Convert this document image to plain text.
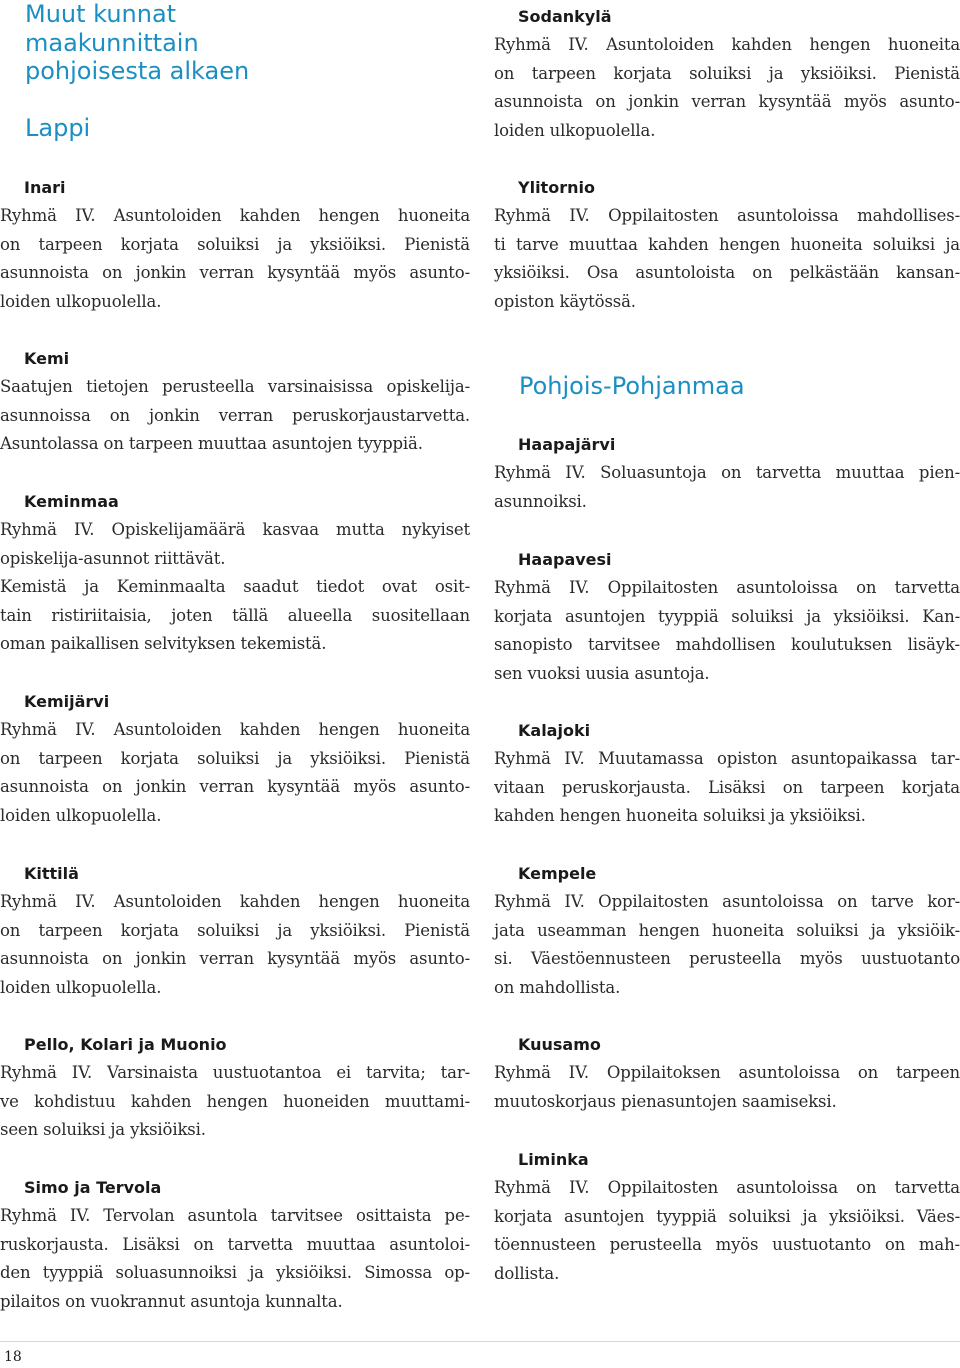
Muut kunnat
maakunnittain
pohjoisesta alkaen
Lappi
Inari

Ryhmä IV. Asuntoloiden kahden hengen huoneita
on tarpeen korjata soluiksi ja yksiöiksi. Pienistä
asunnoista on jonkin verran kysyntää myös asunto-
loiden ulkopuolella.

Kemi

Saatujen tietojen perusteella varsinaisissa opiskelija-
asunnoissa on jonkin verran peruskorjaustarvetta.
Asuntolassa on tarpeen muuttaa asuntojen tyyppiä.

Keminmaa

Ryhmä IV. Opiskelijamäärä kasvaa mutta nykyiset
opiskelija-asunnot riittävät.
Kemistä ja Keminmaalta saadut tiedot ovat osit-
tain ristiriitaisia, joten tällä alueella suositellaan
oman paikallisen selvityksen tekemistä.

Kemijärvi

Ryhmä IV. Asuntoloiden kahden hengen huoneita
on tarpeen korjata soluiksi ja yksiöiksi. Pienistä
asunnoista on jonkin verran kysyntää myös asunto-
loiden ulkopuolella.

Kittilä

Ryhmä IV. Asuntoloiden kahden hengen huoneita
on tarpeen korjata soluiksi ja yksiöiksi. Pienistä
asunnoista on jonkin verran kysyntää myös asunto-
loiden ulkopuolella.

Pello, Kolari ja Muonio

Ryhmä IV. Varsinaista uustuotantoa ei tarvita; tar-
ve kohdistuu kahden hengen huoneiden muuttami-
seen soluiksi ja yksiöiksi.

Simo ja Tervola

Ryhmä IV. Tervolan asuntola tarvitsee osittaista pe-
ruskorjausta. Lisäksi on tarvetta muuttaa asuntoloi-
den tyyppiä soluasunnoiksi ja yksiöiksi. Simossa op-
pilaitos on vuokrannut asuntoja kunnalta.

Sodankylä

Ryhmä IV. Asuntoloiden kahden hengen huoneita
on tarpeen korjata soluiksi ja yksiöiksi. Pienistä
asunnoista on jonkin verran kysyntää myös asunto-
loiden ulkopuolella.

Ylitornio

Ryhmä IV. Oppilaitosten asuntoloissa mahdollises-
ti tarve muuttaa kahden hengen huoneita soluiksi ja
yksiöiksi. Osa asuntoloista on pelkästään kansan-
opiston käytössä.

Pohjois-Pohjanmaa
Haapajärvi

Ryhmä IV. Soluasuntoja on tarvetta muuttaa pien-
asunnoiksi.

Haapavesi

Ryhmä IV. Oppilaitosten asuntoloissa on tarvetta
korjata asuntojen tyyppiä soluiksi ja yksiöiksi. Kan-
sanopisto tarvitsee mahdollisen koulutuksen lisäyk-
sen vuoksi uusia asuntoja.

Kalajoki

Ryhmä IV. Muutamassa opiston asuntopaikassa tar-
vitaan peruskorjausta. Lisäksi on tarpeen korjata
kahden hengen huoneita soluiksi ja yksiöiksi.

Kempele

Ryhmä IV. Oppilaitosten asuntoloissa on tarve kor-
jata useamman hengen huoneita soluiksi ja yksiöik-
si. Väestöennusteen perusteella myös uustuotanto
on mahdollista.

Kuusamo

Ryhmä IV. Oppilaitoksen asuntoloissa on tarpeen
muutoskorjaus pienasuntojen saamiseksi.

Liminka

Ryhmä IV. Oppilaitosten asuntoloissa on tarvetta
korjata asuntojen tyyppiä soluiksi ja yksiöiksi. Väes-
töennusteen perusteella myös uustuotanto on mah-
dollista.

18
